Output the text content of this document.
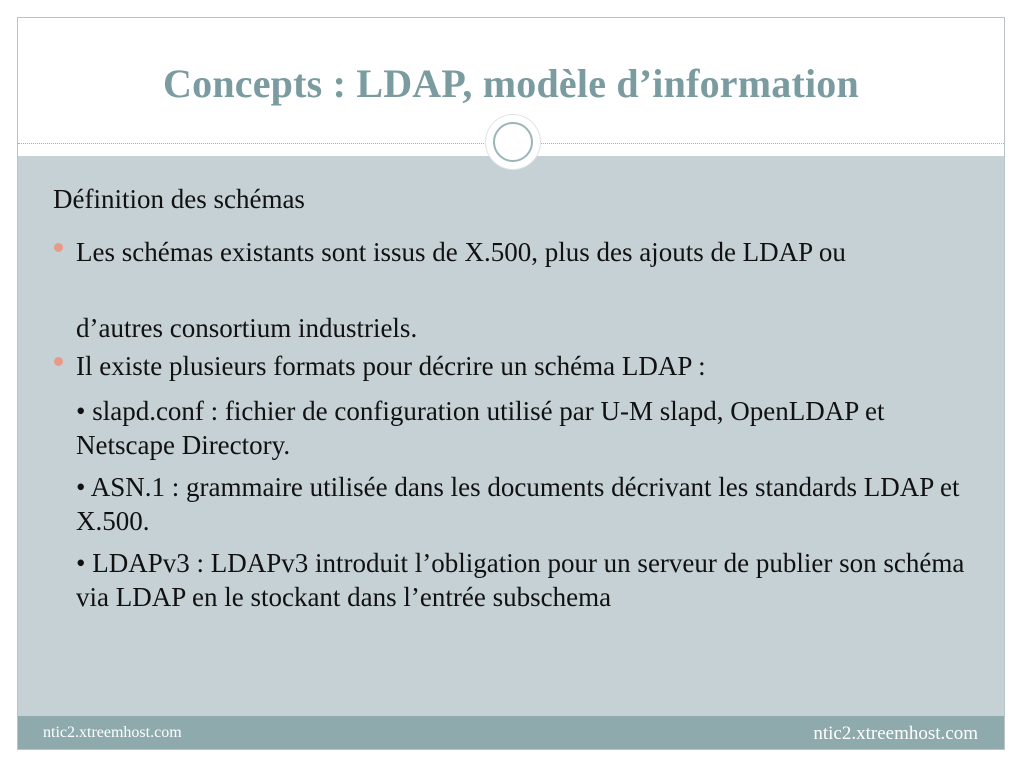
Concepts : LDAP, modèle d’information
Définition des schémas
Les schémas existants sont issus de X.500, plus des ajouts de LDAP ou
d’autres consortium industriels.
Il existe plusieurs formats pour décrire un schéma LDAP :
• slapd.conf : fichier de configuration utilisé par U-M slapd, OpenLDAP et Netscape Directory.
• ASN.1 : grammaire utilisée dans les documents décrivant les standards LDAP et X.500.
• LDAPv3 : LDAPv3 introduit l’obligation pour un serveur de publier son schéma via LDAP en le stockant dans l’entrée subschema
ntic2.xtreemhost.com	ntic2.xtreemhost.com
